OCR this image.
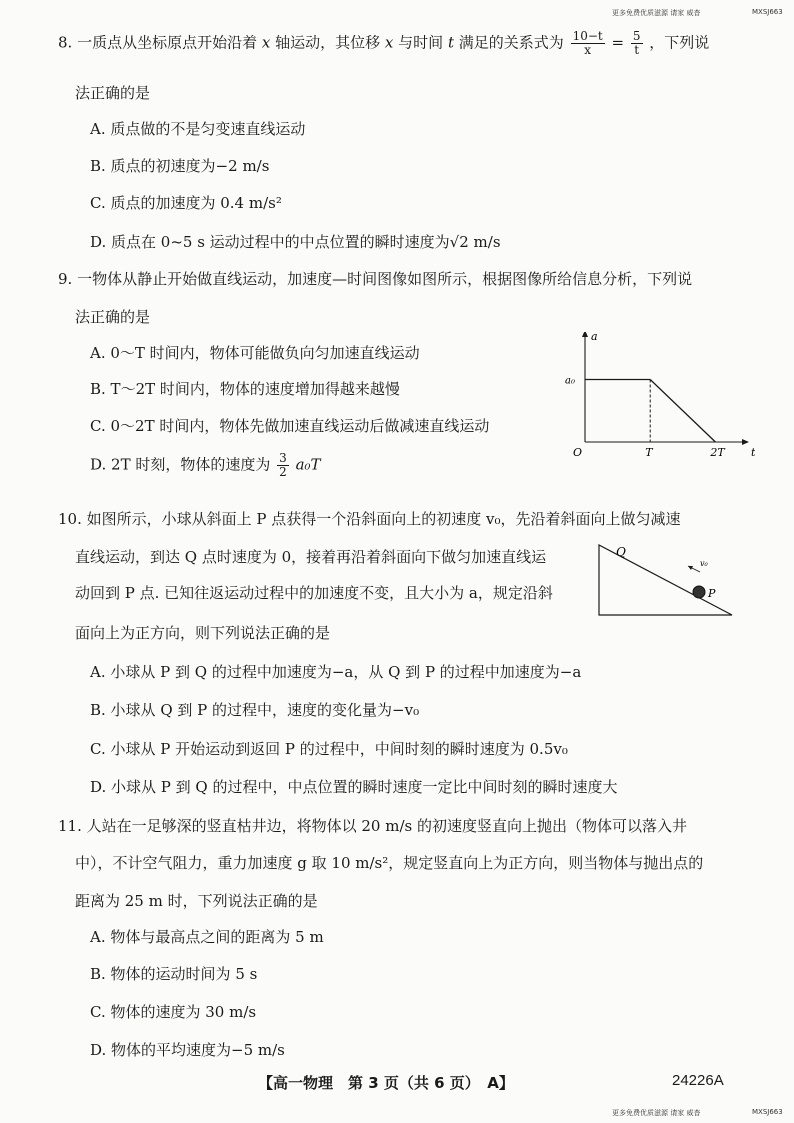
更多免费优质滋源 请家 威杳	MXSJ663
8. 一质点从坐标原点开始沿着 x 轴运动，其位移 x 与时间 t 满足的关系式为 $\frac{10-t}{x} = \frac{5}{t}$ ，下列说
法正确的是
A. 质点做的不是匀变速直线运动
B. 质点的初速度为−2 m/s
C. 质点的加速度为 0.4 m/s²
D. 质点在 0~5 s 运动过程中的中点位置的瞬时速度为√2 m/s
9. 一物体从静止开始做直线运动，加速度—时间图像如图所示，根据图像所给信息分析，下列说
法正确的是
A. 0～T 时间内，物体可能做负向匀加速直线运动
B. T～2T 时间内，物体的速度增加得越来越慢
C. 0～2T 时间内，物体先做加速直线运动后做减速直线运动
D. 2T 时刻，物体的速度为 $\frac{3}{2} a_0T$
t
a
O	T	2T
a₀
10. 如图所示，小球从斜面上 P 点获得一个沿斜面向上的初速度 v₀，先沿着斜面向上做匀减速
直线运动，到达 Q 点时速度为 0，接着再沿着斜面向下做匀加速直线运
动回到 P 点. 已知往返运动过程中的加速度不变，且大小为 a，规定沿斜
面向上为正方向，则下列说法正确的是
Q
P
v₀
A. 小球从 P 到 Q 的过程中加速度为−a，从 Q 到 P 的过程中加速度为−a
B. 小球从 Q 到 P 的过程中，速度的变化量为−v₀
C. 小球从 P 开始运动到返回 P 的过程中，中间时刻的瞬时速度为 0.5v₀
D. 小球从 P 到 Q 的过程中，中点位置的瞬时速度一定比中间时刻的瞬时速度大
11. 人站在一足够深的竖直枯井边，将物体以 20 m/s 的初速度竖直向上抛出（物体可以落入井
中），不计空气阻力，重力加速度 g 取 10 m/s²，规定竖直向上为正方向，则当物体与抛出点的
距离为 25 m 时，下列说法正确的是
A. 物体与最高点之间的距离为 5 m
B. 物体的运动时间为 5 s
C. 物体的速度为 30 m/s
D. 物体的平均速度为−5 m/s
【高一物理　第 3 页（共 6 页）　A】	24226A
更多免费优质滋源 请家 威杳	MXSJ663
